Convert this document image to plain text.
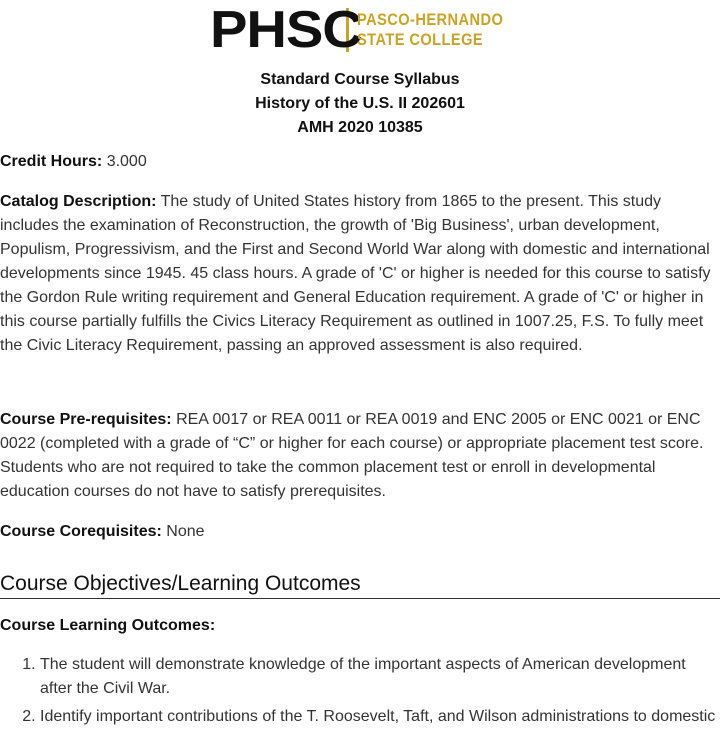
PHSC
PASCO-HERNANDO
STATE COLLEGE
Standard Course Syllabus
History of the U.S. II 202601
AMH 2020 10385

Credit Hours: 3.000

Catalog Description: The study of United States history from 1865 to the present. This study includes the examination of Reconstruction, the growth of 'Big Business', urban development, Populism, Progressivism, and the First and Second World War along with domestic and international developments since 1945. 45 class hours. A grade of 'C' or higher is needed for this course to satisfy the Gordon Rule writing requirement and General Education requirement. A grade of 'C' or higher in this course partially fulfills the Civics Literacy Requirement as outlined in 1007.25, F.S. To fully meet the Civic Literacy Requirement, passing an approved assessment is also required.

Course Pre-requisites: REA 0017 or REA 0011 or REA 0019 and ENC 2005 or ENC 0021 or ENC 0022 (completed with a grade of “C” or higher for each course) or appropriate placement test score. Students who are not required to take the common placement test or enroll in developmental education courses do not have to satisfy prerequisites.

Course Corequisites: None

Course Objectives/Learning Outcomes
Course Learning Outcomes:
1. The student will demonstrate knowledge of the important aspects of American development after the Civil War.
2. Identify important contributions of the T. Roosevelt, Taft, and Wilson administrations to domestic
